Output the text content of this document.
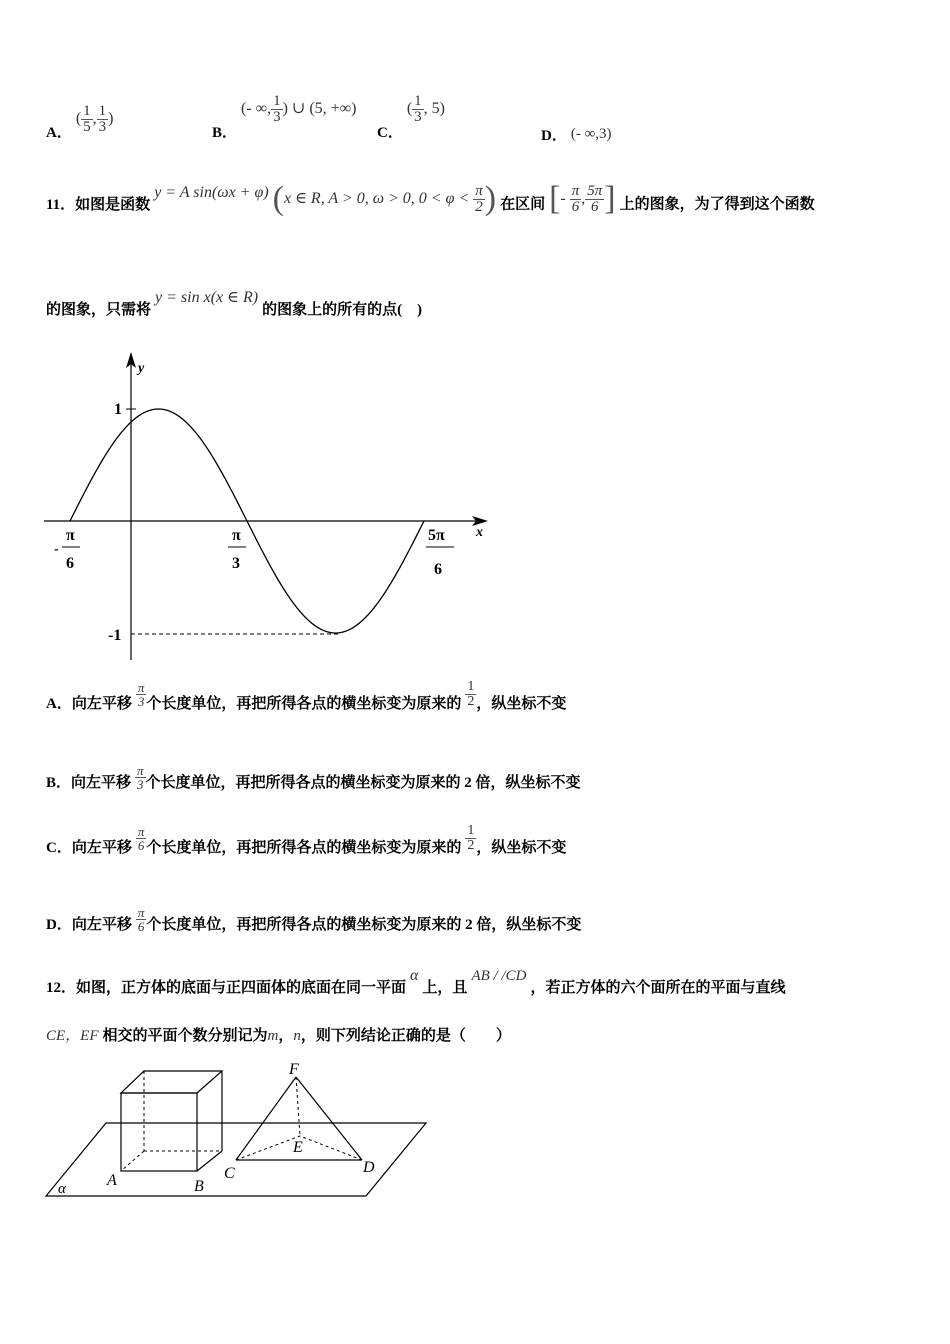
A． ( $\frac{1}{5}$ , $\frac{1}{3}$ )
B． (- ∞, $\frac{1}{3}$ ) ∪ (5, +∞)
C． ( $\frac{1}{3}$ , 5)
D． (- ∞,3)
11．如图是函数 y = A sin(ωx + φ) (x ∈ R, A > 0, ω > 0, $0 < \varphi < \frac{\pi}{2}$ ) 在区间 [- $\frac{\pi}{6}$ , $\frac{5\pi}{6}$ ] 上的图象，为了得到这个函数
的图象，只需将 y = sin x(x ∈ R) 的图象上的所有的点(　)
y
x
1
-1
-
π
6
π
3
5π
6
A．向左平移 $\frac{\pi}{3}$ 个长度单位，再把所得各点的横坐标变为原来的 $\frac{1}{2}$ ，纵坐标不变
B．向左平移 $\frac{\pi}{3}$ 个长度单位，再把所得各点的横坐标变为原来的 2 倍，纵坐标不变
C．向左平移 $\frac{\pi}{6}$ 个长度单位，再把所得各点的横坐标变为原来的 $\frac{1}{2}$ ，纵坐标不变
D．向左平移 $\frac{\pi}{6}$ 个长度单位，再把所得各点的横坐标变为原来的 2 倍，纵坐标不变
12．如图，正方体的底面与正四面体的底面在同一平面 α 上，且 AB / /CD ，若正方体的六个面所在的平面与直线
CE，EF 相交的平面个数分别记为m，n，则下列结论正确的是（　　）
A	B
C	D
E
F
α
